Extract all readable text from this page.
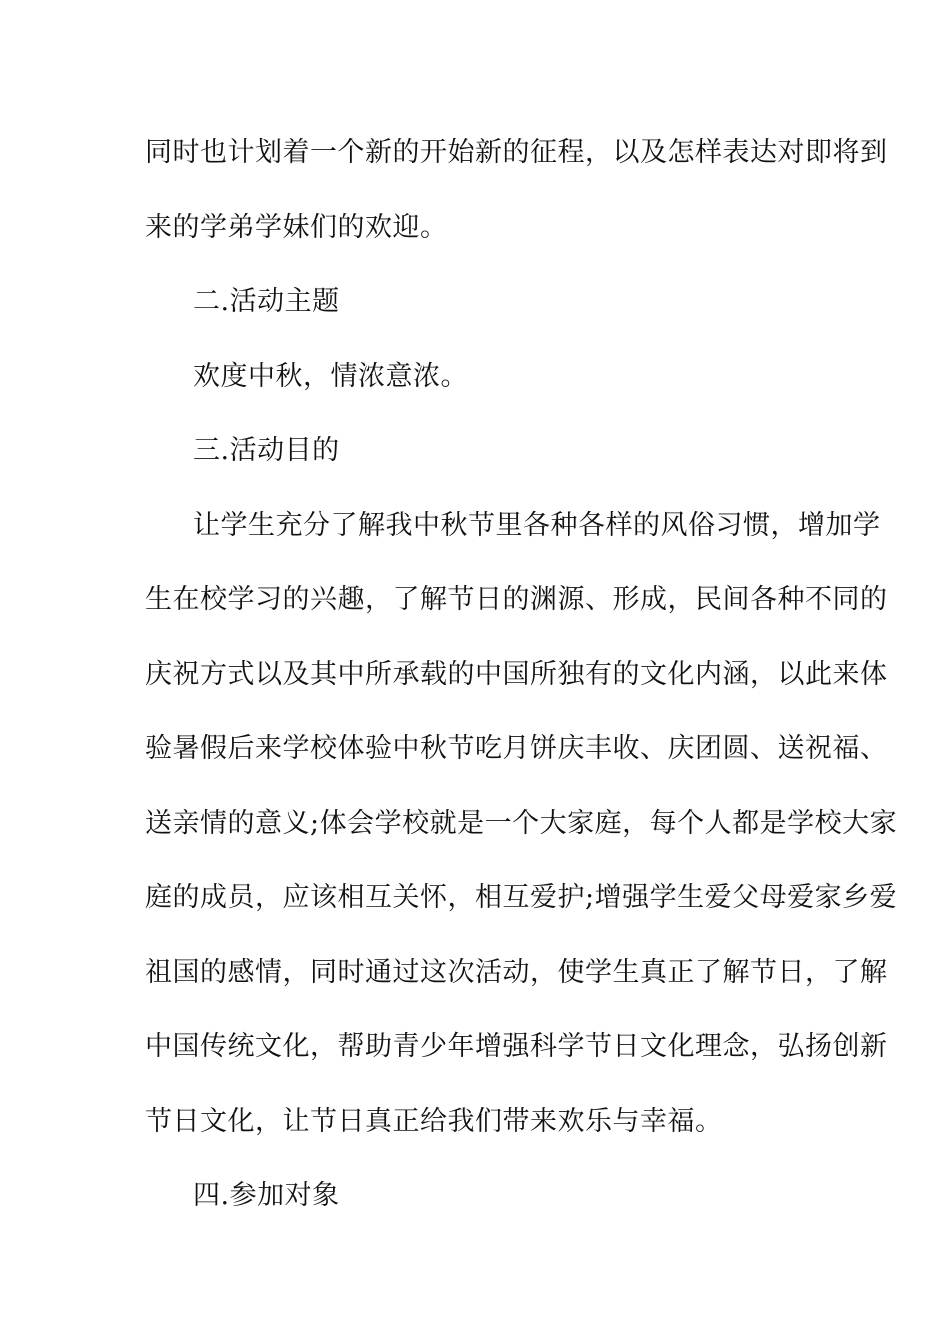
同时也计划着一个新的开始新的征程，以及怎样表达对即将到
来的学弟学妹们的欢迎。
二.活动主题
欢度中秋，情浓意浓。
三.活动目的
让学生充分了解我中秋节里各种各样的风俗习惯，增加学
生在校学习的兴趣，了解节日的渊源、形成，民间各种不同的
庆祝方式以及其中所承载的中国所独有的文化内涵，以此来体
验暑假后来学校体验中秋节吃月饼庆丰收、庆团圆、送祝福、
送亲情的意义;体会学校就是一个大家庭，每个人都是学校大家
庭的成员，应该相互关怀，相互爱护;增强学生爱父母爱家乡爱
祖国的感情，同时通过这次活动，使学生真正了解节日，了解
中国传统文化，帮助青少年增强科学节日文化理念，弘扬创新
节日文化，让节日真正给我们带来欢乐与幸福。
四.参加对象
